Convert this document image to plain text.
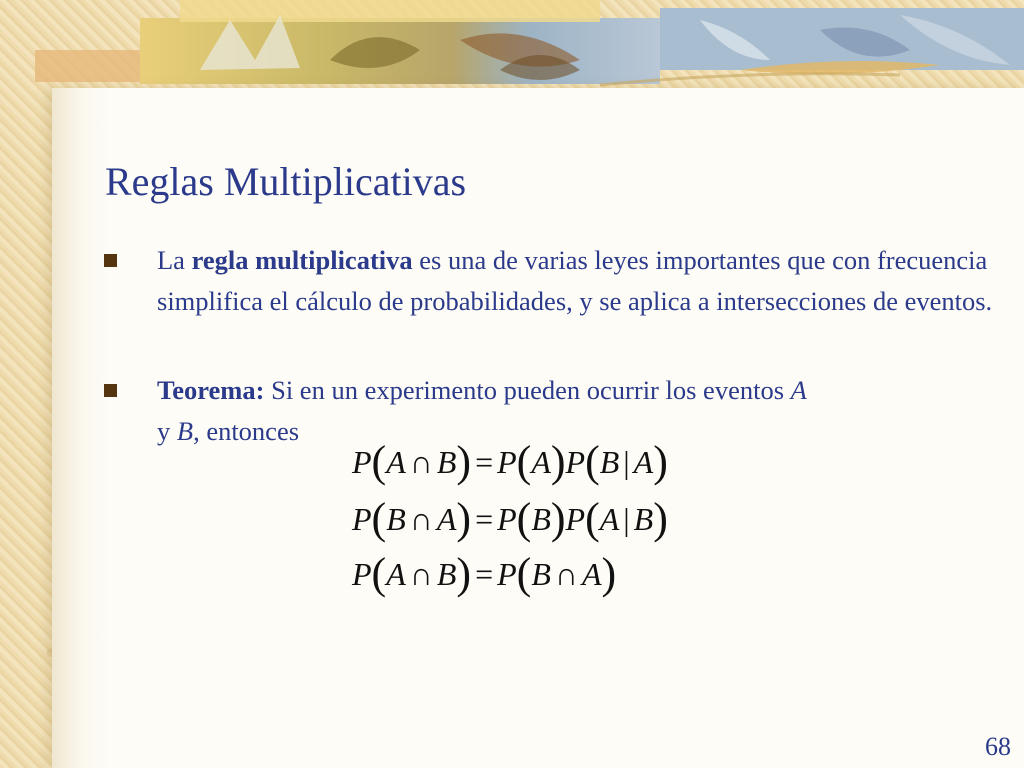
Reglas Multiplicativas
La regla multiplicativa es una de varias leyes importantes que con frecuencia simplifica el cálculo de probabilidades, y se aplica a intersecciones de eventos.
Teorema: Si en un experimento pueden ocurrir los eventos A
y B, entonces
P(A ∩ B) = P(A)P(B | A)
P(B ∩ A) = P(B)P(A | B)
P(A ∩ B) = P(B ∩ A)
68
